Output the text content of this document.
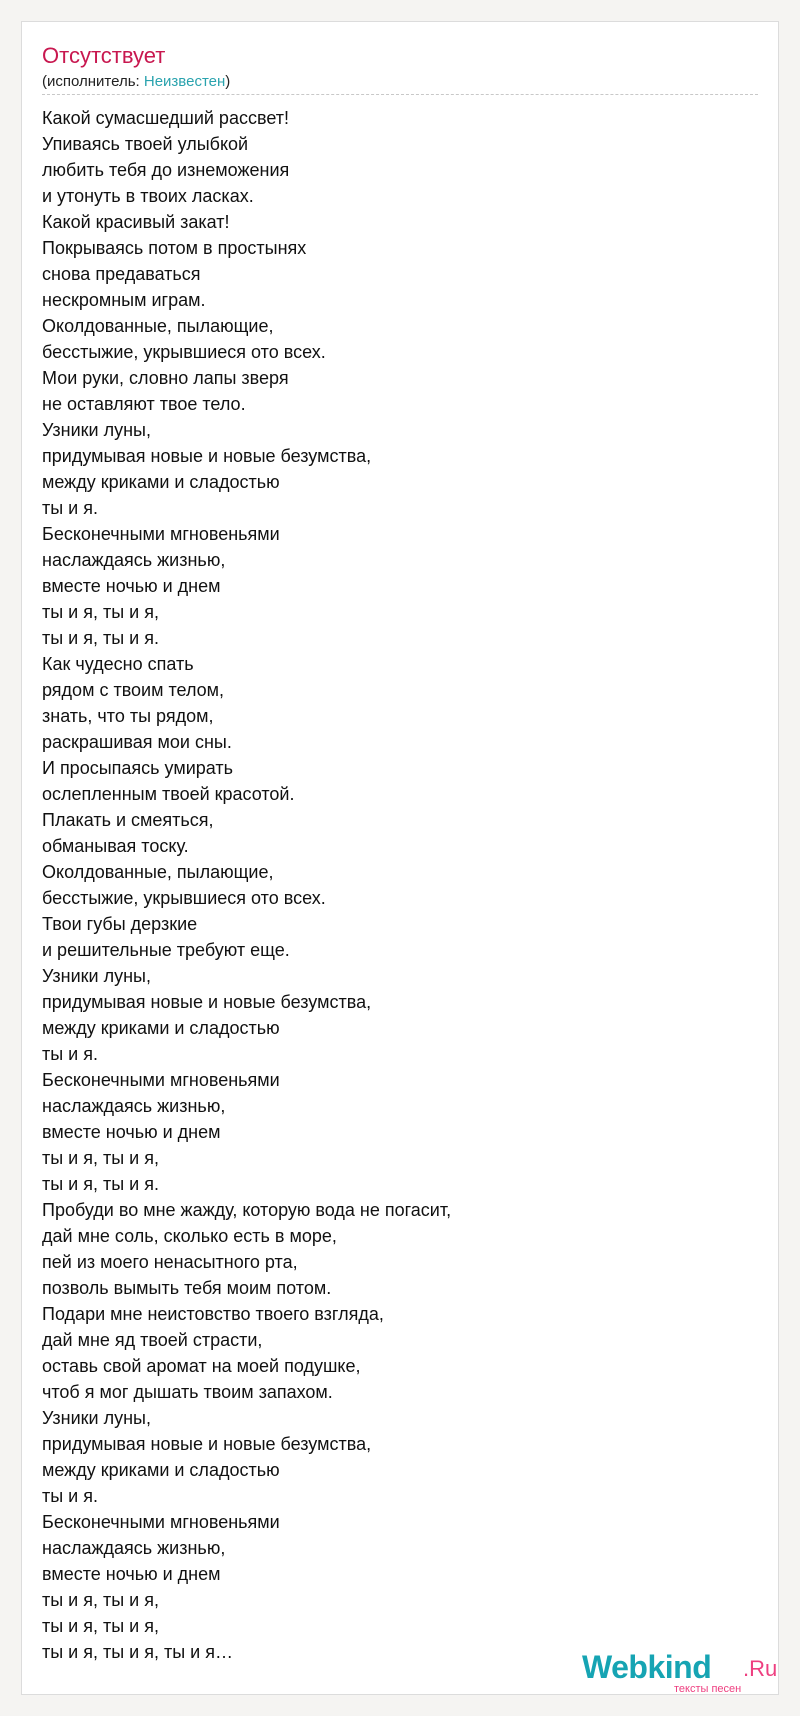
Отсутствует
(исполнитель: Неизвестен)
Какой сумасшедший рассвет!
Упиваясь твоей улыбкой
любить тебя до изнеможения
и утонуть в твоих ласках.
Какой красивый закат!
Покрываясь потом в простынях
снова предаваться
нескромным играм.
Околдованные, пылающие,
бесстыжие, укрывшиеся ото всех.
Мои руки, словно лапы зверя
не оставляют твое тело.
Узники луны,
придумывая новые и новые безумства,
между криками и сладостью
ты и я.
Бесконечными мгновеньями
наслаждаясь жизнью,
вместе ночью и днем
ты и я, ты и я,
ты и я, ты и я.
Как чудесно спать
рядом с твоим телом,
знать, что ты рядом,
раскрашивая мои сны.
И просыпаясь умирать
ослепленным твоей красотой.
Плакать и смеяться,
обманывая тоску.
Околдованные, пылающие,
бесстыжие, укрывшиеся ото всех.
Твои губы дерзкие
и решительные требуют еще.
Узники луны,
придумывая новые и новые безумства,
между криками и сладостью
ты и я.
Бесконечными мгновеньями
наслаждаясь жизнью,
вместе ночью и днем
ты и я, ты и я,
ты и я, ты и я.
Пробуди во мне жажду, которую вода не погасит,
дай мне соль, сколько есть в море,
пей из моего ненасытного рта,
позволь вымыть тебя моим потом.
Подари мне неистовство твоего взгляда,
дай мне яд твоей страсти,
оставь свой аромат на моей подушке,
чтоб я мог дышать твоим запахом.
Узники луны,
придумывая новые и новые безумства,
между криками и сладостью
ты и я.
Бесконечными мгновеньями
наслаждаясь жизнью,
вместе ночью и днем
ты и я, ты и я,
ты и я, ты и я,
ты и я, ты и я, ты и я…	Webkind .Ru
тексты песен
